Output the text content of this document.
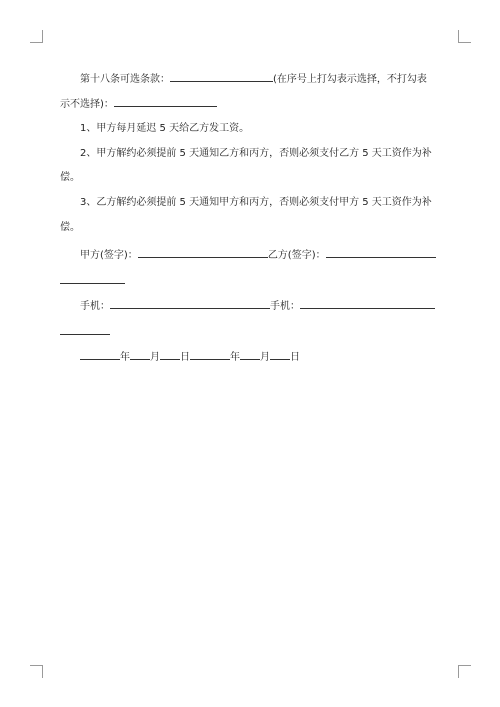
第十八条可选条款：	(在序号上打勾表示选择，不打勾表
示不选择)：
1、甲方每月延迟 5 天给乙方发工资。
2、甲方解约必须提前 5 天通知乙方和丙方，否则必须支付乙方 5 天工资作为补
偿。
3、乙方解约必须提前 5 天通知甲方和丙方，否则必须支付甲方 5 天工资作为补
偿。
甲方(签字)：	乙方(签字)：
手机：	手机：
年 月 日	年 月 日
